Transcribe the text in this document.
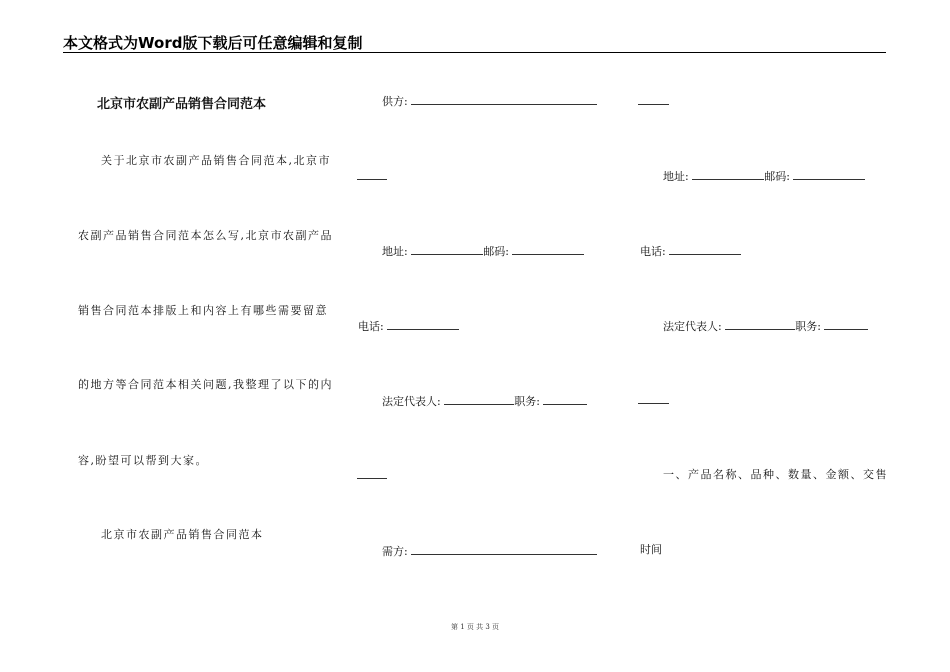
本文格式为Word版下载后可任意编辑和复制
北京市农副产品销售合同范本
关于北京市农副产品销售合同范本,北京市
农副产品销售合同范本怎么写,北京市农副产品
销售合同范本排版上和内容上有哪些需要留意
的地方等合同范本相关问题,我整理了以下的内
容,盼望可以帮到大家。
北京市农副产品销售合同范本
供方:
地址:	邮码:
电话:
法定代表人:	职务:
需方:
地址:	邮码:
电话:
法定代表人:	职务:
一、产品名称、品种、数量、金额、交售
时间
第 1 页 共 3 页
